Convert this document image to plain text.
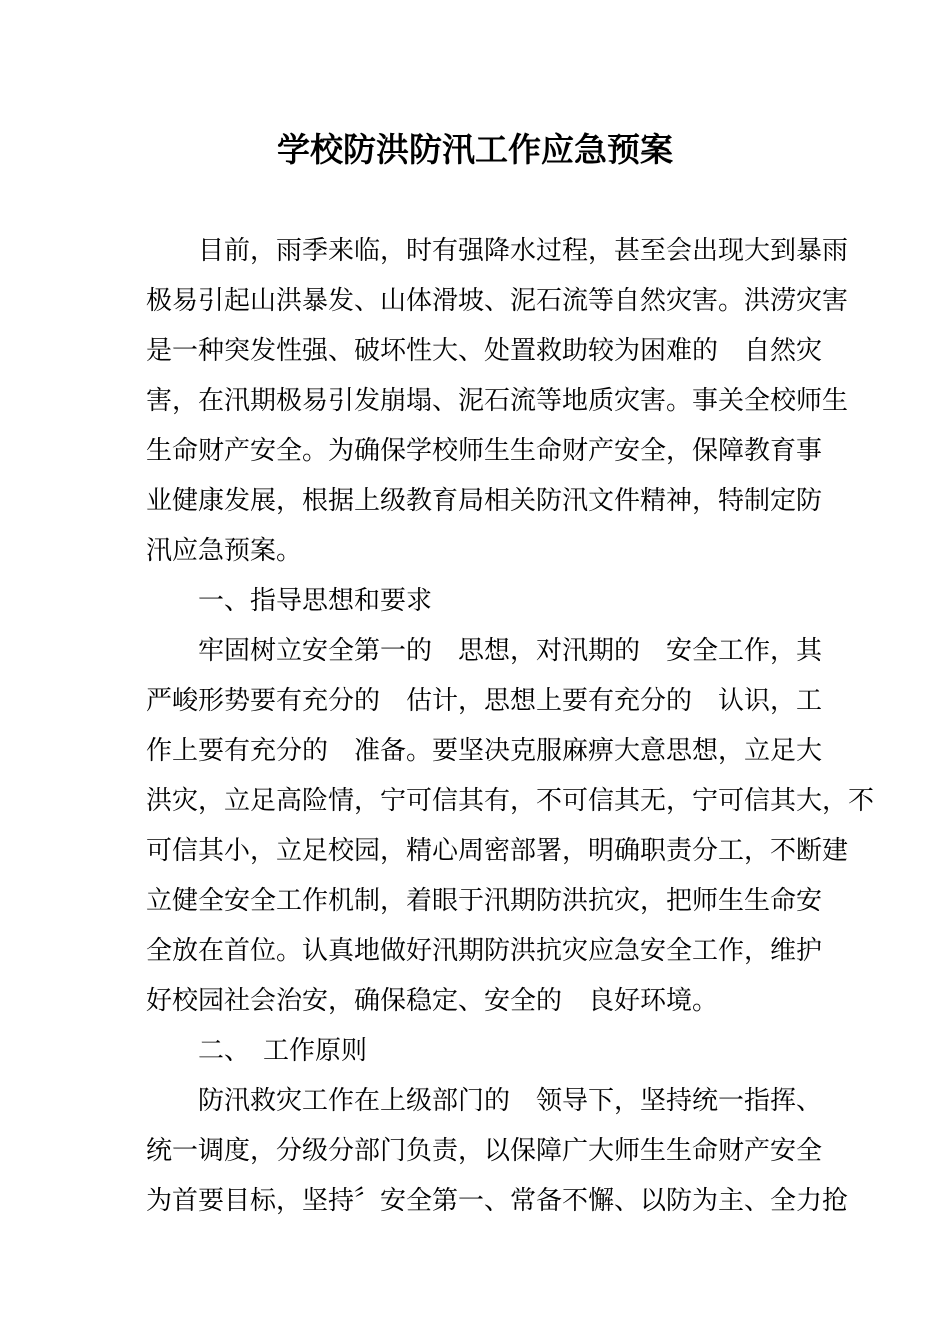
学校防洪防汛工作应急预案
目前，雨季来临，时有强降水过程，甚至会出现大到暴雨
极易引起山洪暴发、山体滑坡、泥石流等自然灾害。洪涝灾害
是一种突发性强、破坏性大、处置救助较为困难的　自然灾
害，在汛期极易引发崩塌、泥石流等地质灾害。事关全校师生
生命财产安全。为确保学校师生生命财产安全，保障教育事
业健康发展，根据上级教育局相关防汛文件精神，特制定防
汛应急预案。
一、指导思想和要求
牢固树立安全第一的　思想，对汛期的　安全工作，其
严峻形势要有充分的　估计，思想上要有充分的　认识，工
作上要有充分的　准备。要坚决克服麻痹大意思想，立足大
洪灾，立足高险情，宁可信其有，不可信其无，宁可信其大，不
可信其小，立足校园，精心周密部署，明确职责分工，不断建
立健全安全工作机制，着眼于汛期防洪抗灾，把师生生命安
全放在首位。认真地做好汛期防洪抗灾应急安全工作，维护
好校园社会治安，确保稳定、安全的　良好环境。
二、　工作原则
防汛救灾工作在上级部门的　领导下，坚持统一指挥、
统一调度，分级分部门负责，以保障广大师生生命财产安全
为首要目标，坚持〞安全第一、常备不懈、以防为主、全力抢
